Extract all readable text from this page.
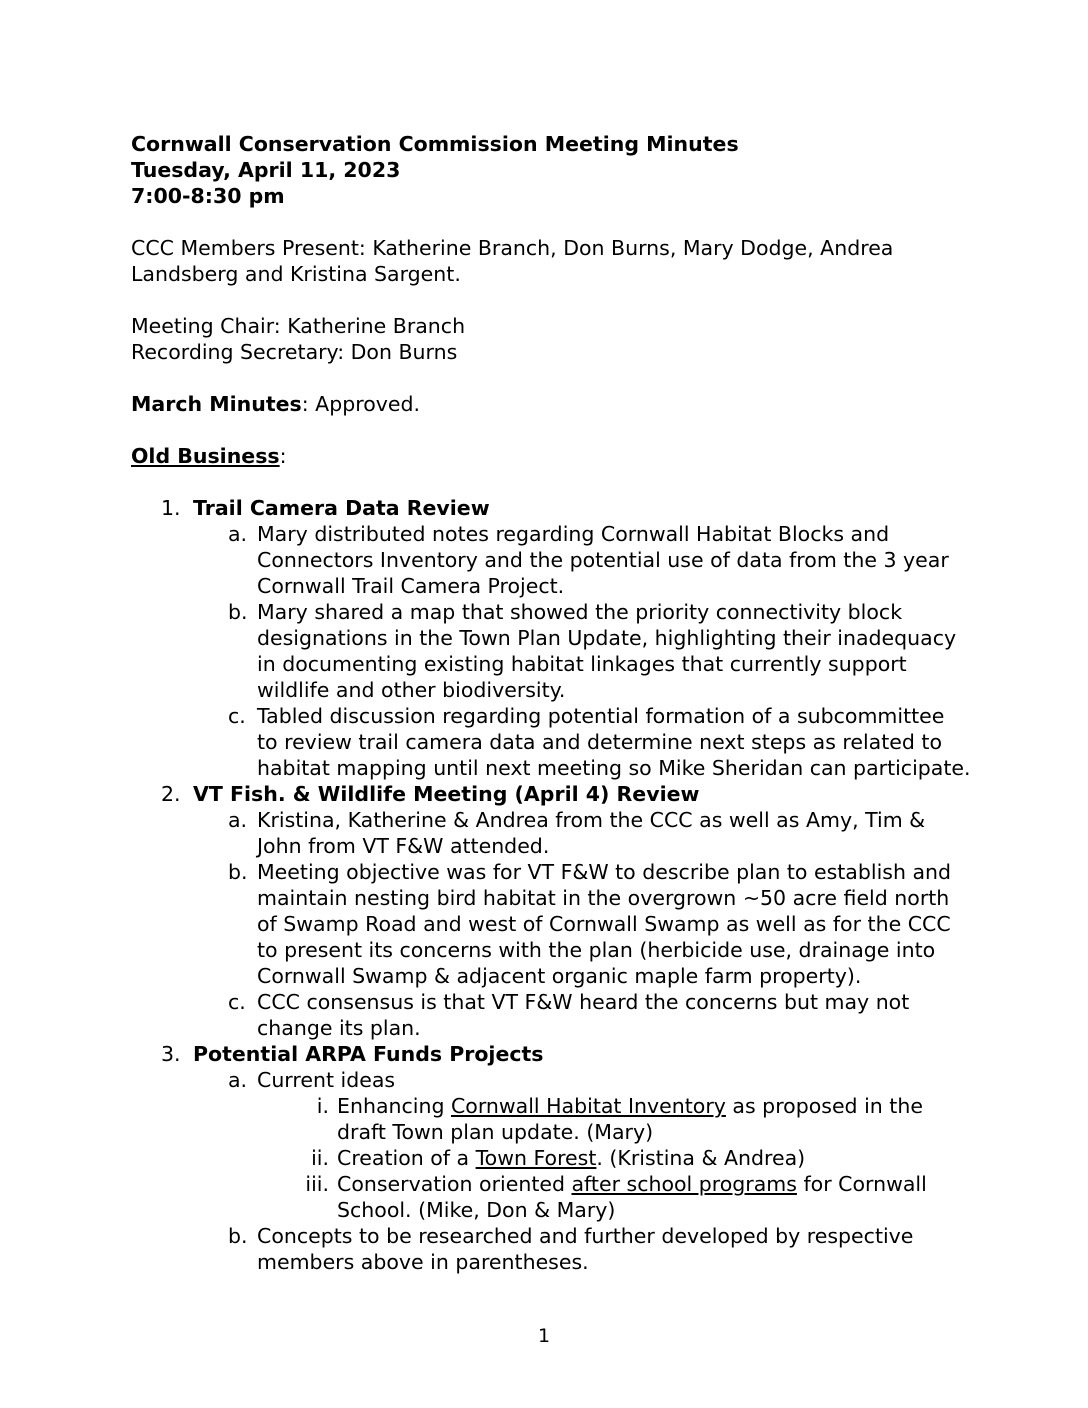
Cornwall Conservation Commission Meeting Minutes

Tuesday, April 11, 2023

7:00-8:30 pm

CCC Members Present: Katherine Branch, Don Burns, Mary Dodge, Andrea Landsberg and Kristina Sargent.

Meeting Chair: Katherine Branch

Recording Secretary: Don Burns

March Minutes: Approved.

Old Business:

1. Trail Camera Data Review
a. Mary distributed notes regarding Cornwall Habitat Blocks and Connectors Inventory and the potential use of data from the 3 year Cornwall Trail Camera Project.
b. Mary shared a map that showed the priority connectivity block designations in the Town Plan Update, highlighting their inadequacy in documenting existing habitat linkages that currently support wildlife and other biodiversity.
c. Tabled discussion regarding potential formation of a subcommittee to review trail camera data and determine next steps as related to habitat mapping until next meeting so Mike Sheridan can participate.
2. VT Fish. & Wildlife Meeting (April 4) Review
a. Kristina, Katherine & Andrea from the CCC as well as Amy, Tim & John from VT F&W attended.
b. Meeting objective was for VT F&W to describe plan to establish and maintain nesting bird habitat in the overgrown ~50 acre field north of Swamp Road and west of Cornwall Swamp as well as for the CCC to present its concerns with the plan (herbicide use, drainage into Cornwall Swamp & adjacent organic maple farm property).
c. CCC consensus is that VT F&W heard the concerns but may not change its plan.
3. Potential ARPA Funds Projects
a. Current ideas
i. Enhancing Cornwall Habitat Inventory as proposed in the draft Town plan update. (Mary)
ii. Creation of a Town Forest. (Kristina & Andrea)
iii. Conservation oriented after school programs for Cornwall School. (Mike, Don & Mary)
b. Concepts to be researched and further developed by respective members above in parentheses.
1
